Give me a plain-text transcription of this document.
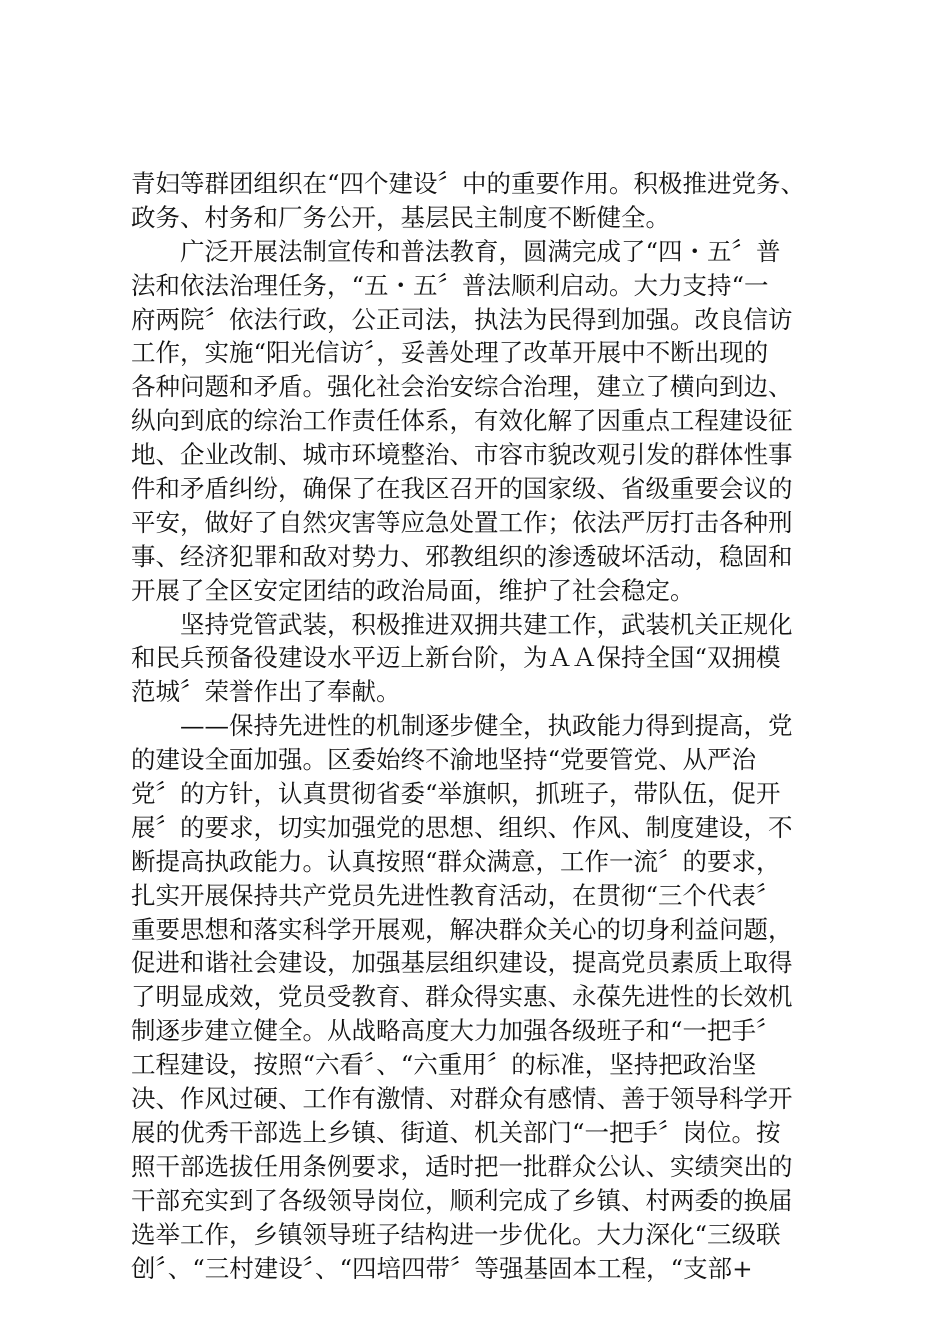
青妇等群团组织在“四个建设〞中的重要作用。积极推进党务、
政务、村务和厂务公开，基层民主制度不断健全。
广泛开展法制宣传和普法教育，圆满完成了“四・五〞普
法和依法治理任务，“五・五〞普法顺利启动。大力支持“一
府两院〞依法行政，公正司法，执法为民得到加强。改良信访
工作，实施“阳光信访〞，妥善处理了改革开展中不断出现的
各种问题和矛盾。强化社会治安综合治理，建立了横向到边、
纵向到底的综治工作责任体系，有效化解了因重点工程建设征
地、企业改制、城市环境整治、市容市貌改观引发的群体性事
件和矛盾纠纷，确保了在我区召开的国家级、省级重要会议的
平安，做好了自然灾害等应急处置工作；依法严厉打击各种刑
事、经济犯罪和敌对势力、邪教组织的渗透破坏活动，稳固和
开展了全区安定团结的政治局面，维护了社会稳定。
坚持党管武装，积极推进双拥共建工作，武装机关正规化
和民兵预备役建设水平迈上新台阶，为ＡＡ保持全国“双拥模
范城〞荣誉作出了奉献。
——保持先进性的机制逐步健全，执政能力得到提高，党
的建设全面加强。区委始终不渝地坚持“党要管党、从严治
党〞的方针，认真贯彻省委“举旗帜，抓班子，带队伍，促开
展〞的要求，切实加强党的思想、组织、作风、制度建设，不
断提高执政能力。认真按照“群众满意，工作一流〞的要求，
扎实开展保持共产党员先进性教育活动，在贯彻“三个代表〞
重要思想和落实科学开展观，解决群众关心的切身利益问题，
促进和谐社会建设，加强基层组织建设，提高党员素质上取得
了明显成效，党员受教育、群众得实惠、永葆先进性的长效机
制逐步建立健全。从战略高度大力加强各级班子和“一把手〞
工程建设，按照“六看〞、“六重用〞的标准，坚持把政治坚
决、作风过硬、工作有激情、对群众有感情、善于领导科学开
展的优秀干部选上乡镇、街道、机关部门“一把手〞岗位。按
照干部选拔任用条例要求，适时把一批群众公认、实绩突出的
干部充实到了各级领导岗位，顺利完成了乡镇、村两委的换届
选举工作，乡镇领导班子结构进一步优化。大力深化“三级联
创〞、“三村建设〞、“四培四带〞等强基固本工程，“支部+
